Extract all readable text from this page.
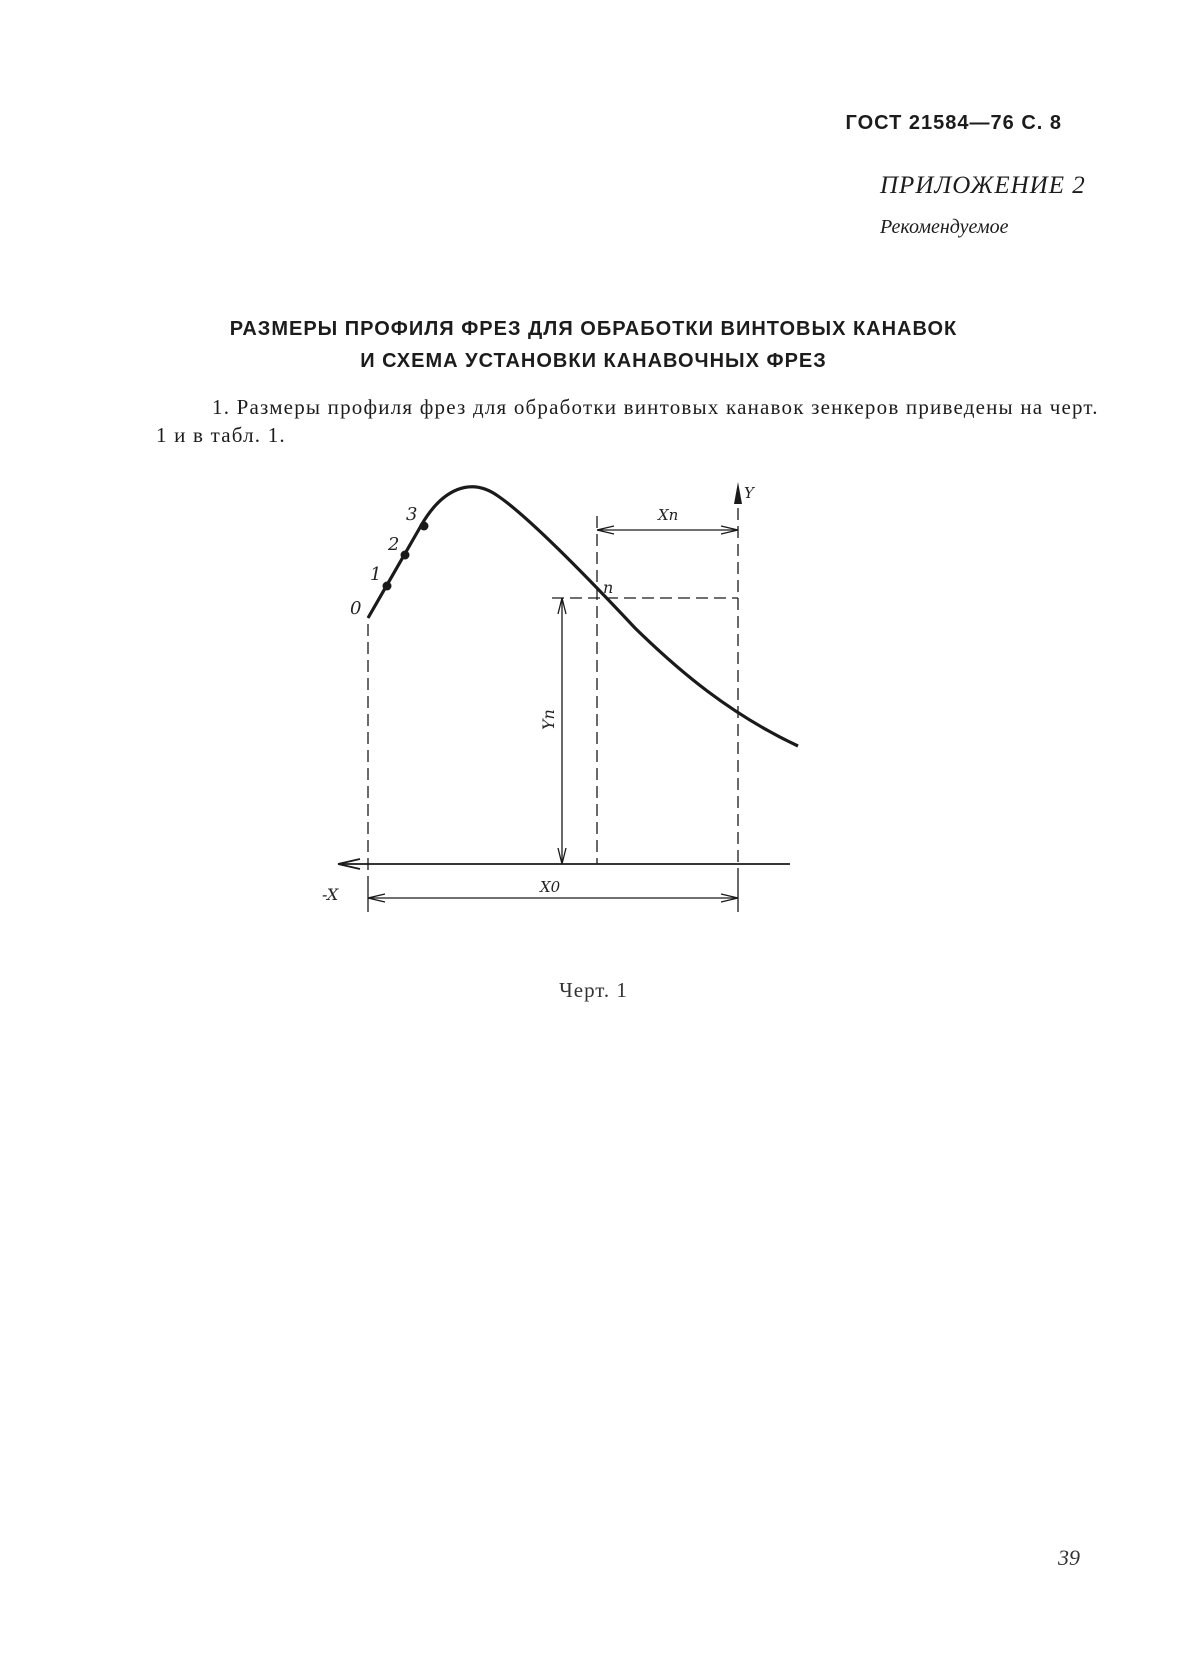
ГОСТ 21584—76 С. 8
ПРИЛОЖЕНИЕ 2
Рекомендуемое
РАЗМЕРЫ ПРОФИЛЯ ФРЕЗ ДЛЯ ОБРАБОТКИ ВИНТОВЫХ КАНАВОК
И СХЕМА УСТАНОВКИ КАНАВОЧНЫХ ФРЕЗ
1. Размеры профиля фрез для обработки винтовых канавок зенкеров приведены на черт. 1 и в табл. 1.
0
1
2
3
n
Y
-X
Xn
Yn
X0
Черт. 1
39
